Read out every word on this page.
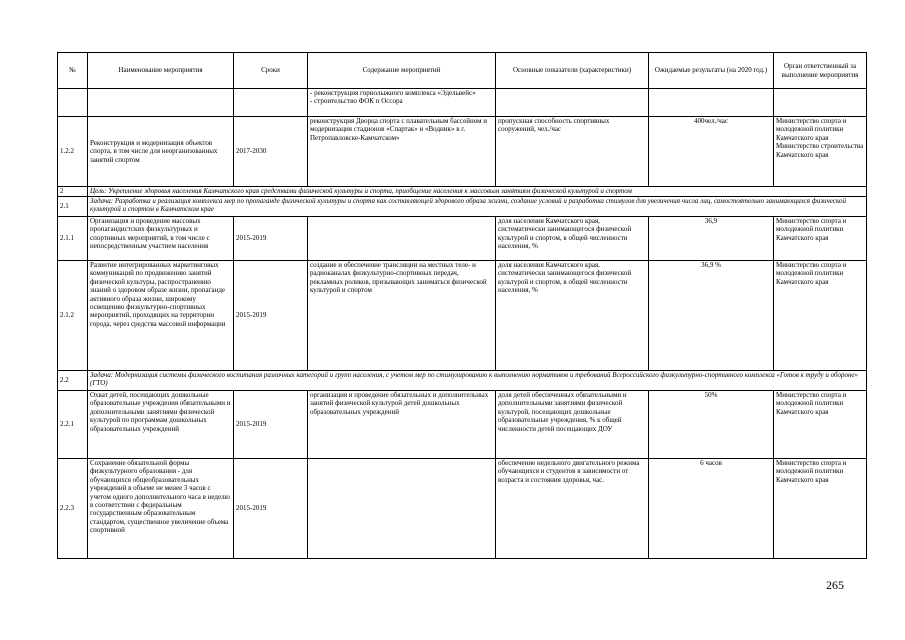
№	Наименование мероприятия	Сроки	Содержание мероприятий	Основные показатели (характеристики)	Ожидаемые результаты (на 2020 год.)	Орган ответственный за выполнение мероприятия

			- реконструкция горнолыжного комплекса «Эдельвейс»
- строительство ФОК п Оссора			

1.2.2	Реконструкция и модернизация объектов спорта, в том числе для неорганизованных занятий спортом	2017-2030	реконструкция Дворца спорта с плавательным бассейном и модернизация стадионов «Спартак» и «Водник» в г. Петропавловске-Камчатском»	пропускная способность спортивных сооружений, чел./час	400чел./час	Министерство спорта и молодежной политики Камчатского края
Министерство строительства Камчатского края

2	Цель: Укрепление здоровья населения Камчатского края средствами физической культуры и спорта, приобщение населения к массовым занятиям физической культурой и спортом					
2.1	Задача: Разработка и реализация комплекса мер по пропаганде физической культуры и спорта как составляющей здорового образа жизни, создание условий и разработка стимулов для увеличения числа лиц, самостоятельно занимающихся физической культурой и спортом в Камчатском крае					
2.1.1	Организация и проведение массовых пропагандистских физкультурных и спортивных мероприятий, в том числе с непосредственным участием населения	2015-2019		доля населения Камчатского края, систематически занимающегося физической культурой и спортом, в общей численности населения, %	36,9	Министерство спорта и молодежной политики Камчатского края
2.1.2	Развитие интегрированных маркетинговых коммуникаций по продвижению занятий физической культуры, распространению знаний о здоровом образе жизни, пропаганде активного образа жизни, широкому освещению физкультурно-спортивных мероприятий, проходящих на территории города, через средства массовой информации	2015-2019	создание и обеспечение трансляции на местных теле- и радиоканалах физкультурно-спортивных передач, рекламных роликов, призывающих заниматься физической культурой и спортом	доля населения Камчатского края, систематически занимающегося физической культурой и спортом, в общей численности населения, %	36,9 %	Министерство спорта и молодежной политики Камчатского края
2.2	Задача: Модернизация системы физического воспитания различных категорий и групп населения, с учетом мер по стимулированию к выполнению нормативов и требований Всероссийского физкультурно-спортивного комплекса «Готов к труду и обороне» (ГТО)					
2.2.1	Охват детей, посещающих дошкольные образовательные учреждения обязательными и дополнительными занятиями физической культурой по программам дошкольных образовательных учреждений	2015-2019	организация и проведение обязательных и дополнительных занятий физической культурой детей дошкольных образовательных учреждений	доля детей обеспеченных обязательными и дополнительными занятиями физической культурой, посещающих дошкольные образовательные учреждения, % к общей численности детей посещающих ДОУ	50%	Министерство спорта и молодежной политики Камчатского края
2.2.3	Сохранение обязательной формы физкультурного образования - для обучающихся общеобразовательных учреждений в объеме не менее 3 часов с учетом одного дополнительного часа в неделю в соответствии с федеральным государственным образовательным стандартом, существенное увеличение объема спортивной	2015-2019		обеспечение недельного двигательного режима обучающихся и студентов в зависимости от возраста и состояния здоровья, час.	6 часов	Министерство спорта и молодежной политики Камчатского края
265
